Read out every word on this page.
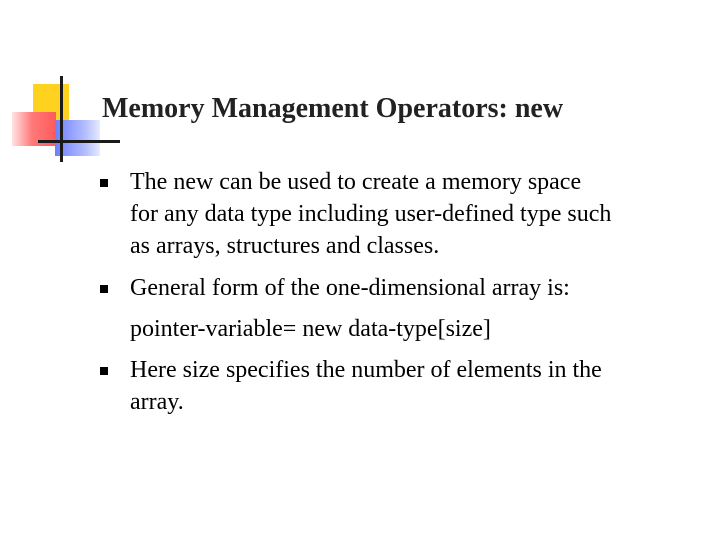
Memory Management Operators: new
The new can be used to create a memory space
for any data type including user-defined type such
as arrays, structures and classes.
General form of the one-dimensional array is:
pointer-variable= new data-type[size]
Here size specifies the number of elements in the
array.
